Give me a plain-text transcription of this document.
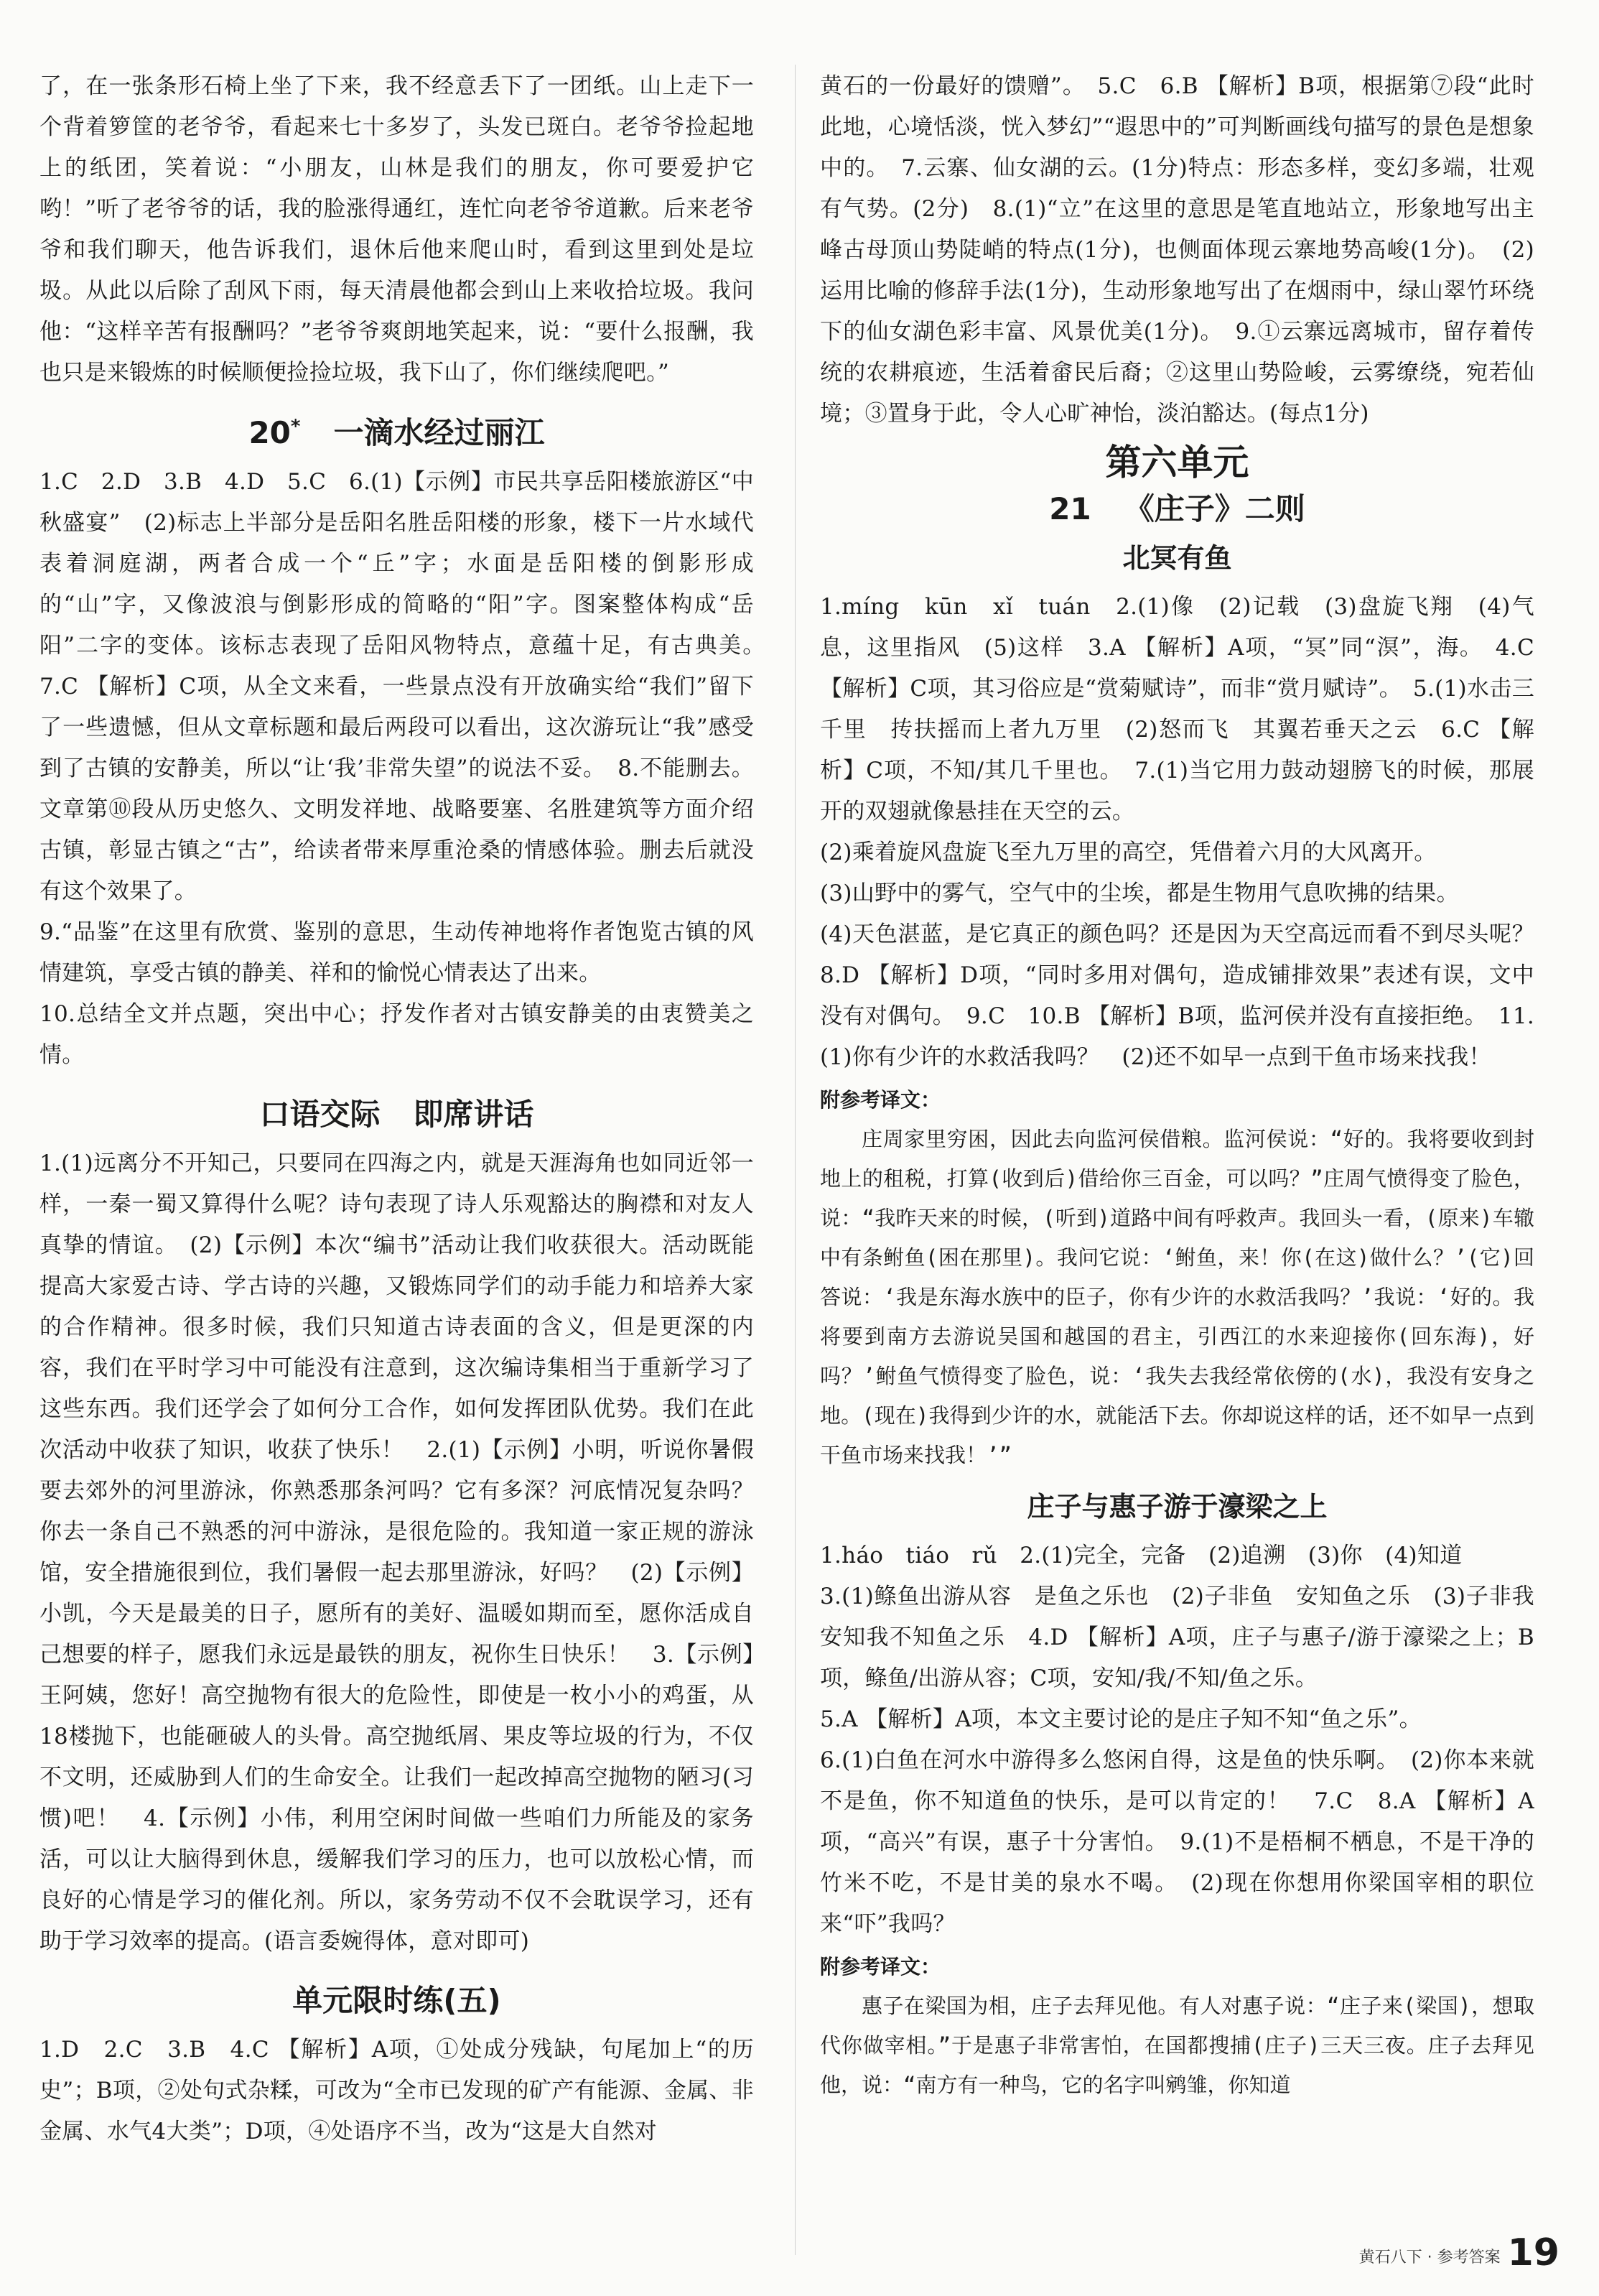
了，在一张条形石椅上坐了下来，我不经意丢下了一团纸。山上走下一个背着箩筐的老爷爷，看起来七十多岁了，头发已斑白。老爷爷捡起地上的纸团，笑着说：“小朋友，山林是我们的朋友，你可要爱护它哟！”听了老爷爷的话，我的脸涨得通红，连忙向老爷爷道歉。后来老爷爷和我们聊天，他告诉我们，退休后他来爬山时，看到这里到处是垃圾。从此以后除了刮风下雨，每天清晨他都会到山上来收拾垃圾。我问他：“这样辛苦有报酬吗？”老爷爷爽朗地笑起来，说：“要什么报酬，我也只是来锻炼的时候顺便捡捡垃圾，我下山了，你们继续爬吧。”

20* 一滴水经过丽江

1.C　2.D　3.B　4.D　5.C　6.(1)【示例】市民共享岳阳楼旅游区“中秋盛宴”　(2)标志上半部分是岳阳名胜岳阳楼的形象，楼下一片水域代表着洞庭湖，两者合成一个“丘”字；水面是岳阳楼的倒影形成的“山”字，又像波浪与倒影形成的简略的“阳”字。图案整体构成“岳阳”二字的变体。该标志表现了岳阳风物特点，意蕴十足，有古典美。　7.C 【解析】C项，从全文来看，一些景点没有开放确实给“我们”留下了一些遗憾，但从文章标题和最后两段可以看出，这次游玩让“我”感受到了古镇的安静美，所以“让‘我’非常失望”的说法不妥。　8.不能删去。文章第⑩段从历史悠久、文明发祥地、战略要塞、名胜建筑等方面介绍古镇，彰显古镇之“古”，给读者带来厚重沧桑的情感体验。删去后就没有这个效果了。

9.“品鉴”在这里有欣赏、鉴别的意思，生动传神地将作者饱览古镇的风情建筑，享受古镇的静美、祥和的愉悦心情表达了出来。

10.总结全文并点题，突出中心；抒发作者对古镇安静美的由衷赞美之情。

口语交际 即席讲话

1.(1)远离分不开知己，只要同在四海之内，就是天涯海角也如同近邻一样，一秦一蜀又算得什么呢？诗句表现了诗人乐观豁达的胸襟和对友人真挚的情谊。　(2)【示例】本次“编书”活动让我们收获很大。活动既能提高大家爱古诗、学古诗的兴趣，又锻炼同学们的动手能力和培养大家的合作精神。很多时候，我们只知道古诗表面的含义，但是更深的内容，我们在平时学习中可能没有注意到，这次编诗集相当于重新学习了这些东西。我们还学会了如何分工合作，如何发挥团队优势。我们在此次活动中收获了知识，收获了快乐！　2.(1)【示例】小明，听说你暑假要去郊外的河里游泳，你熟悉那条河吗？它有多深？河底情况复杂吗？你去一条自己不熟悉的河中游泳，是很危险的。我知道一家正规的游泳馆，安全措施很到位，我们暑假一起去那里游泳，好吗？　(2)【示例】小凯，今天是最美的日子，愿所有的美好、温暖如期而至，愿你活成自己想要的样子，愿我们永远是最铁的朋友，祝你生日快乐！　3.【示例】王阿姨，您好！高空抛物有很大的危险性，即使是一枚小小的鸡蛋，从18楼抛下，也能砸破人的头骨。高空抛纸屑、果皮等垃圾的行为，不仅不文明，还威胁到人们的生命安全。让我们一起改掉高空抛物的陋习(习惯)吧！　4.【示例】小伟，利用空闲时间做一些咱们力所能及的家务活，可以让大脑得到休息，缓解我们学习的压力，也可以放松心情，而良好的心情是学习的催化剂。所以，家务劳动不仅不会耽误学习，还有助于学习效率的提高。(语言委婉得体，意对即可)

单元限时练(五)

1.D　2.C　3.B　4.C 【解析】A项，①处成分残缺，句尾加上“的历史”；B项，②处句式杂糅，可改为“全市已发现的矿产有能源、金属、非金属、水气4大类”；D项，④处语序不当，改为“这是大自然对

黄石的一份最好的馈赠”。　5.C　6.B 【解析】B项，根据第⑦段“此时此地，心境恬淡，恍入梦幻”“遐思中的”可判断画线句描写的景色是想象中的。　7.云寨、仙女湖的云。(1分)特点：形态多样，变幻多端，壮观有气势。(2分)　8.(1)“立”在这里的意思是笔直地站立，形象地写出主峰古母顶山势陡峭的特点(1分)，也侧面体现云寨地势高峻(1分)。　(2)运用比喻的修辞手法(1分)，生动形象地写出了在烟雨中，绿山翠竹环绕下的仙女湖色彩丰富、风景优美(1分)。　9.①云寨远离城市，留存着传统的农耕痕迹，生活着畲民后裔；②这里山势险峻，云雾缭绕，宛若仙境；③置身于此，令人心旷神怡，淡泊豁达。(每点1分)

第六单元
21 《庄子》二则
北冥有鱼

1.míng　kūn　xǐ　tuán　2.(1)像　(2)记载　(3)盘旋飞翔　(4)气息，这里指风　(5)这样　3.A 【解析】A项，“冥”同“溟”，海。　4.C 【解析】C项，其习俗应是“赏菊赋诗”，而非“赏月赋诗”。　5.(1)水击三千里　抟扶摇而上者九万里　(2)怒而飞　其翼若垂天之云　6.C 【解析】C项，不知/其几千里也。　7.(1)当它用力鼓动翅膀飞的时候，那展开的双翅就像悬挂在天空的云。

(2)乘着旋风盘旋飞至九万里的高空，凭借着六月的大风离开。

(3)山野中的雾气，空气中的尘埃，都是生物用气息吹拂的结果。

(4)天色湛蓝，是它真正的颜色吗？还是因为天空高远而看不到尽头呢？　8.D 【解析】D项，“同时多用对偶句，造成铺排效果”表述有误，文中没有对偶句。　9.C　10.B 【解析】B项，监河侯并没有直接拒绝。　11.(1)你有少许的水救活我吗？　(2)还不如早一点到干鱼市场来找我！

附参考译文：

庄周家里穷困，因此去向监河侯借粮。监河侯说：“好的。我将要收到封地上的租税，打算(收到后)借给你三百金，可以吗？”庄周气愤得变了脸色，说：“我昨天来的时候，(听到)道路中间有呼救声。我回头一看，(原来)车辙中有条鲋鱼(困在那里)。我问它说：‘鲋鱼，来！你(在这)做什么？’(它)回答说：‘我是东海水族中的臣子，你有少许的水救活我吗？’我说：‘好的。我将要到南方去游说吴国和越国的君主，引西江的水来迎接你(回东海)，好吗？’鲋鱼气愤得变了脸色，说：‘我失去我经常依傍的(水)，我没有安身之地。(现在)我得到少许的水，就能活下去。你却说这样的话，还不如早一点到干鱼市场来找我！’”

庄子与惠子游于濠梁之上

1.háo　tiáo　rǔ　2.(1)完全，完备　(2)追溯　(3)你　(4)知道

3.(1)鲦鱼出游从容　是鱼之乐也　(2)子非鱼　安知鱼之乐　(3)子非我　安知我不知鱼之乐　4.D 【解析】A项，庄子与惠子/游于濠梁之上；B项，鲦鱼/出游从容；C项，安知/我/不知/鱼之乐。

5.A 【解析】A项，本文主要讨论的是庄子知不知“鱼之乐”。

6.(1)白鱼在河水中游得多么悠闲自得，这是鱼的快乐啊。　(2)你本来就不是鱼，你不知道鱼的快乐，是可以肯定的！　7.C　8.A 【解析】A项，“高兴”有误，惠子十分害怕。　9.(1)不是梧桐不栖息，不是干净的竹米不吃，不是甘美的泉水不喝。　(2)现在你想用你梁国宰相的职位来“吓”我吗？

附参考译文：

惠子在梁国为相，庄子去拜见他。有人对惠子说：“庄子来(梁国)，想取代你做宰相。”于是惠子非常害怕，在国都搜捕(庄子)三天三夜。庄子去拜见他，说：“南方有一种鸟，它的名字叫鹓雏，你知道

黄石八下 · 参考答案 19
